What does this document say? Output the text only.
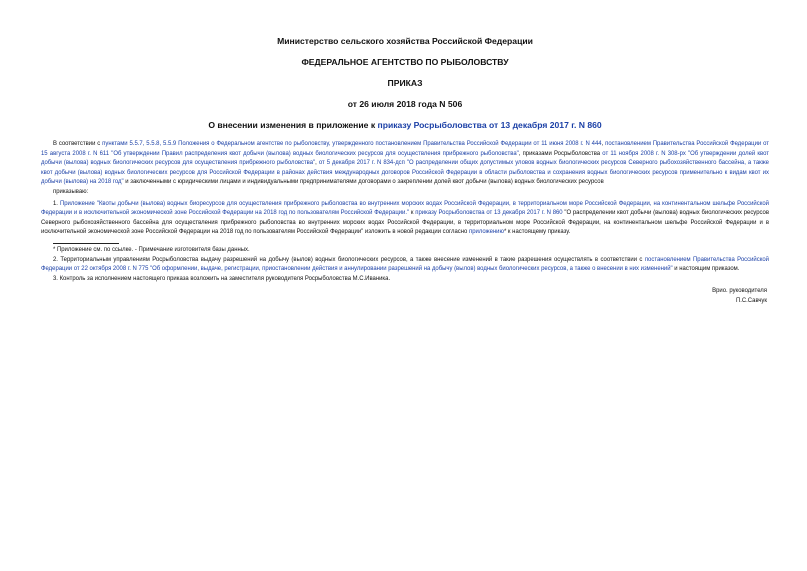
Министерство сельского хозяйства Российской Федерации
ФЕДЕРАЛЬНОЕ АГЕНТСТВО ПО РЫБОЛОВСТВУ
ПРИКАЗ
от 26 июля 2018 года N 506
О внесении изменения в приложение к приказу Росрыболовства от 13 декабря 2017 г. N 860

В соответствии с пунктами 5.5.7, 5.5.8, 5.5.9 Положения о Федеральном агентстве по рыболовству, утвержденного постановлением Правительства Российской Федерации от 11 июня 2008 г. N 444, постановлением Правительства Российской Федерации от 15 августа 2008 г. N 611 "Об утверждении Правил распределения квот добычи (вылова) водных биологических ресурсов для осуществления прибрежного рыболовства", приказами Росрыболовства от 11 ноября 2008 г. N 308-рх "Об утверждении долей квот добычи (вылова) водных биологических ресурсов для осуществления прибрежного рыболовства", от 5 декабря 2017 г. N 834-дсп "О распределении общих допустимых уловов водных биологических ресурсов Северного рыбохозяйственного бассейна, а также квот добычи (вылова) водных биологических ресурсов для Российской Федерации в районах действия международных договоров Российской Федерации в области рыболовства и сохранения водных биологических ресурсов применительно к видам квот их добычи (вылова) на 2018 год" и заключенными с юридическими лицами и индивидуальными предпринимателями договорами о закреплении долей квот добычи (вылова) водных биологических ресурсов

приказываю:

1. Приложение "Квоты добычи (вылова) водных биоресурсов для осуществления прибрежного рыболовства во внутренних морских водах Российской Федерации, в территориальном море Российской Федерации, на континентальном шельфе Российской Федерации и в исключительной экономической зоне Российской Федерации на 2018 год по пользователям Российской Федерации." к приказу Росрыболовства от 13 декабря 2017 г. N 860 "О распределении квот добычи (вылова) водных биологических ресурсов Северного рыбохозяйственного бассейна для осуществления прибрежного рыболовства во внутренних морских водах Российской Федерации, в территориальном море Российской Федерации, на континентальном шельфе Российской Федерации и в исключительной экономической зоне Российской Федерации на 2018 год по пользователям Российской Федерации" изложить в новой редакции согласно приложению* к настоящему приказу.

* Приложение см. по ссылке. - Примечание изготовителя базы данных.

2. Территориальным управлениям Росрыболовства выдачу разрешений на добычу (вылов) водных биологических ресурсов, а также внесение изменений в такие разрешения осуществлять в соответствии с постановлением Правительства Российской Федерации от 22 октября 2008 г. N 775 "Об оформлении, выдаче, регистрации, приостановлении действия и аннулировании разрешений на добычу (вылов) водных биологических ресурсов, а также о внесении в них изменений" и настоящим приказом.

3. Контроль за исполнением настоящего приказа возложить на заместителя руководителя Росрыболовства М.С.Иваника.

Врио. руководителя
П.С.Савчук
